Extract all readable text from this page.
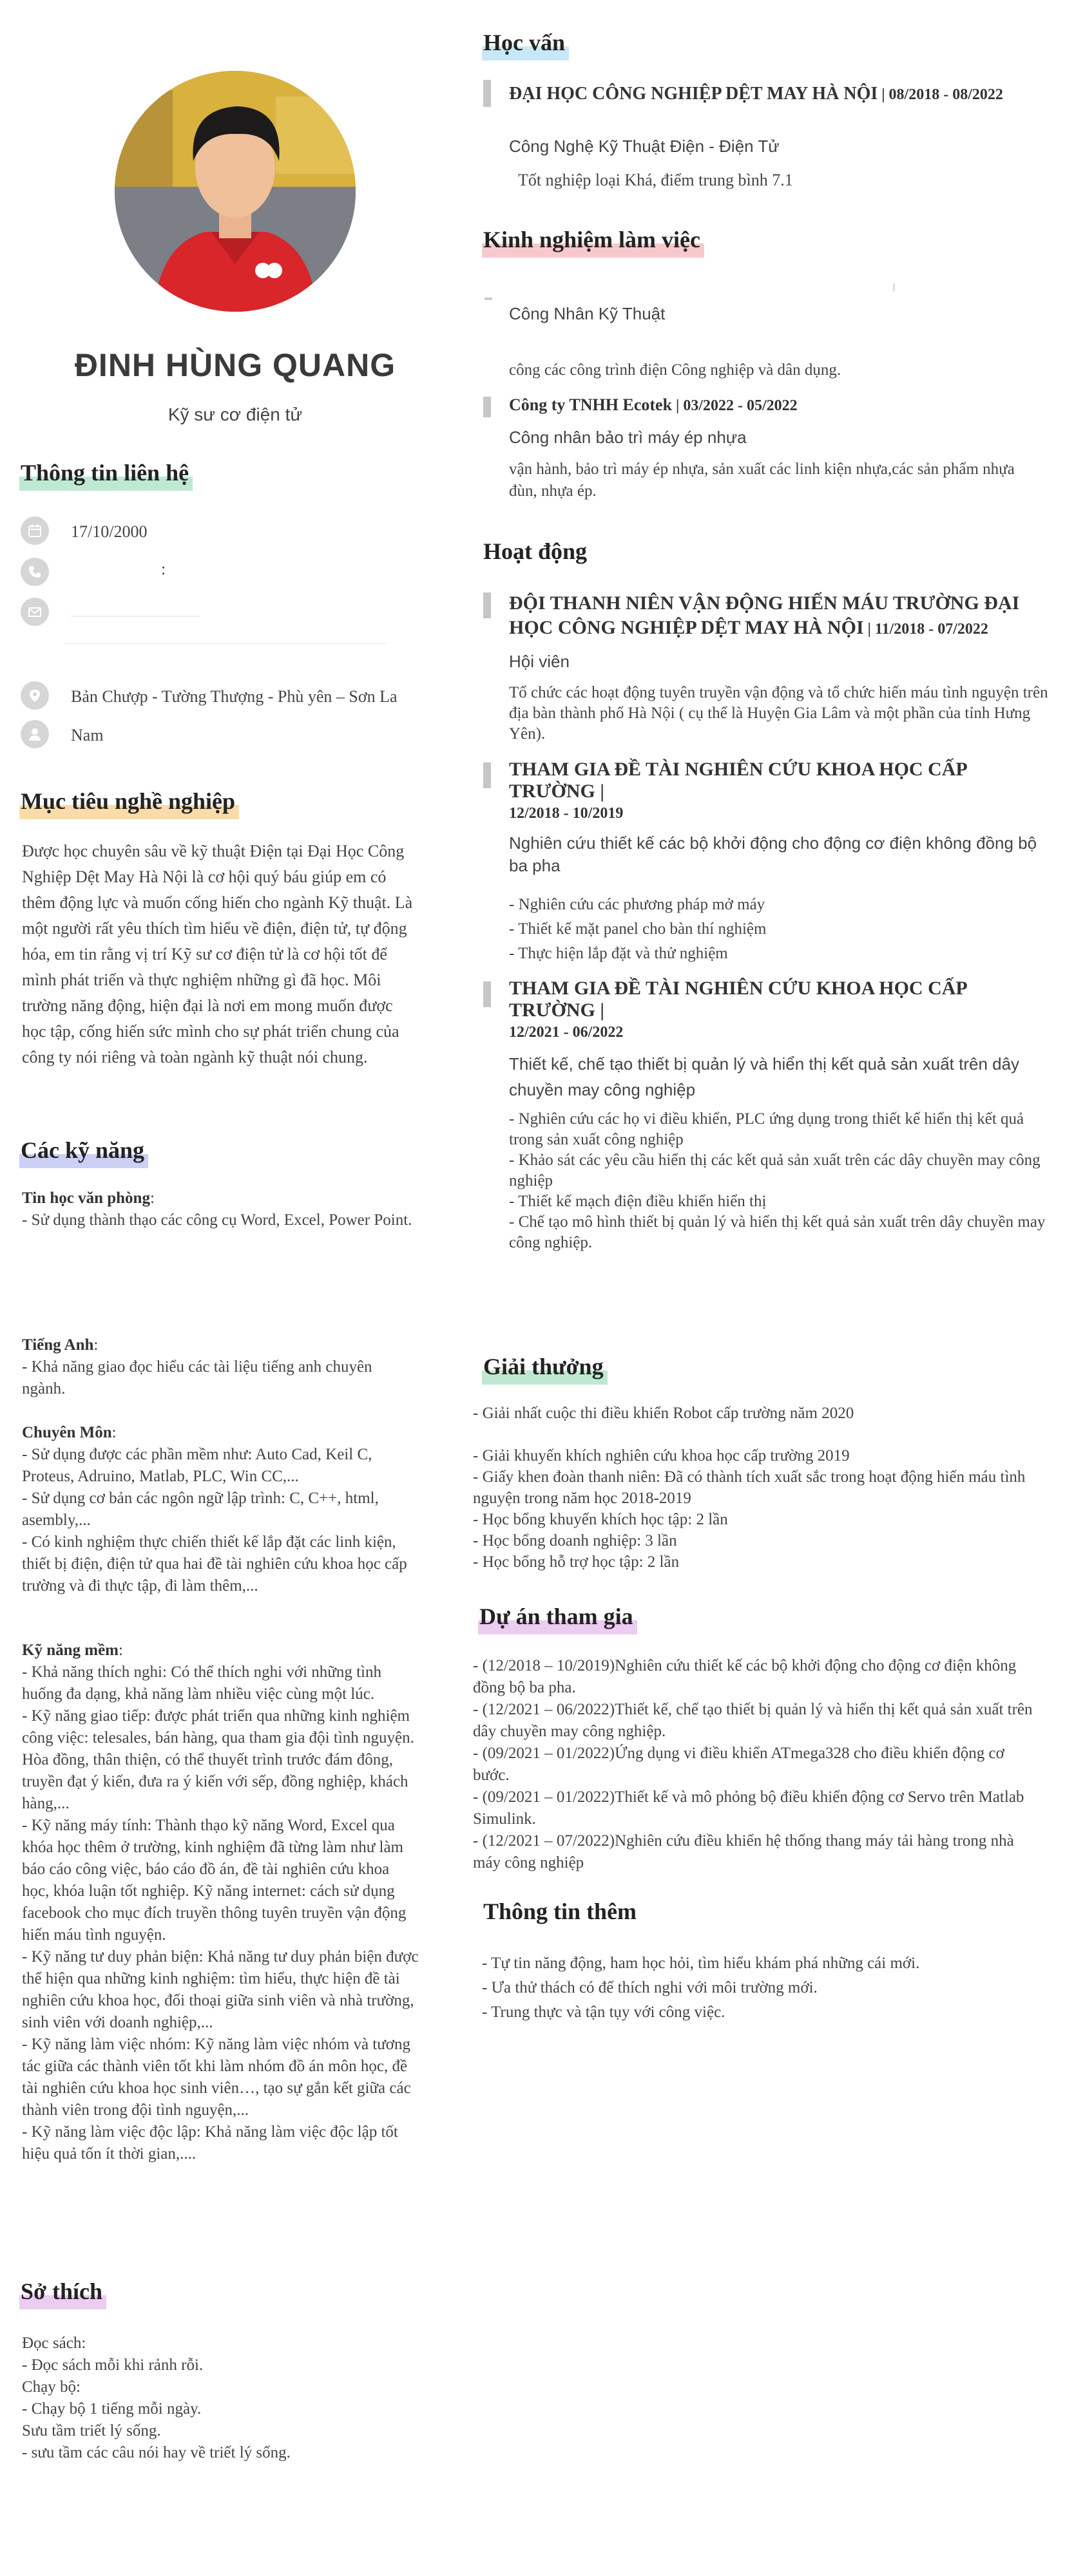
ĐINH HÙNG QUANG
Kỹ sư cơ điện tử
Thông tin liên hệ
17/10/2000
:
Bản Chượp - Tường Thượng - Phù yên – Sơn La
Nam
Mục tiêu nghề nghiệp
Được học chuyên sâu về kỹ thuật Điện tại Đại Học Công Nghiệp Dệt May Hà Nội là cơ hội quý báu giúp em có thêm động lực và muốn cống hiến cho ngành Kỹ thuật. Là một người rất yêu thích tìm hiểu về điện, điện tử, tự động hóa, em tin rằng vị trí Kỹ sư cơ điện tử là cơ hội tốt để mình phát triển và thực nghiệm những gì đã học. Môi trường năng động, hiện đại là nơi em mong muốn được học tập, cống hiến sức mình cho sự phát triển chung của công ty nói riêng và toàn ngành kỹ thuật nói chung.
Các kỹ năng
Tin học văn phòng:
- Sử dụng thành thạo các công cụ Word, Excel, Power Point.
Tiếng Anh:
- Khả năng giao đọc hiểu các tài liệu tiếng anh chuyên ngành.
Chuyên Môn:
- Sử dụng được các phần mềm như: Auto Cad, Keil C, Proteus, Adruino, Matlab, PLC, Win CC,...
- Sử dụng cơ bản các ngôn ngữ lập trình: C, C++, html, asembly,...
- Có kinh nghiệm thực chiến thiết kế lắp đặt các linh kiện, thiết bị điện, điện tử qua hai đề tài nghiên cứu khoa học cấp trường và đi thực tập, đi làm thêm,...
Kỹ năng mềm:
- Khả năng thích nghi: Có thể thích nghi với những tình huống đa dạng, khả năng làm nhiều việc cùng một lúc.
- Kỹ năng giao tiếp: được phát triển qua những kinh nghiệm công việc: telesales, bán hàng, qua tham gia đội tình nguyện. Hòa đồng, thân thiện, có thể thuyết trình trước đám đông, truyền đạt ý kiến, đưa ra ý kiến với sếp, đồng nghiệp, khách hàng,...
- Kỹ năng máy tính: Thành thạo kỹ năng Word, Excel qua khóa học thêm ở trường, kinh nghiệm đã từng làm như làm báo cáo công việc, báo cáo đồ án, đề tài nghiên cứu khoa học, khóa luận tốt nghiệp. Kỹ năng internet: cách sử dụng facebook cho mục đích truyền thông tuyên truyền vận động hiến máu tình nguyện.
- Kỹ năng tư duy phản biện: Khả năng tư duy phản biện được thể hiện qua những kinh nghiệm: tìm hiểu, thực hiện đề tài nghiên cứu khoa học, đối thoại giữa sinh viên và nhà trường, sinh viên với doanh nghiệp,...
- Kỹ năng làm việc nhóm: Kỹ năng làm việc nhóm và tương tác giữa các thành viên tốt khi làm nhóm đồ án môn học, đề tài nghiên cứu khoa học sinh viên…, tạo sự gắn kết giữa các thành viên trong đội tình nguyện,...
- Kỹ năng làm việc độc lập: Khả năng làm việc độc lập tốt hiệu quả tốn ít thời gian,....
Sở thích
Đọc sách:
- Đọc sách mỗi khi rảnh rỗi.
Chạy bộ:
- Chạy bộ 1 tiếng mỗi ngày.
Sưu tầm triết lý sống.
- sưu tầm các câu nói hay về triết lý sống.
Học vấn
ĐẠI HỌC CÔNG NGHIỆP DỆT MAY HÀ NỘI | 08/2018 - 08/2022
Công Nghệ Kỹ Thuật Điện - Điện Tử
Tốt nghiệp loại Khá, điểm trung bình 7.1
Kinh nghiệm làm việc
Công Nhân Kỹ Thuật
công các công trình điện Công nghiệp và dân dụng.
Công ty TNHH Ecotek | 03/2022 - 05/2022
Công nhân bảo trì máy ép nhựa
vận hành, bảo trì máy ép nhựa, sản xuất các linh kiện nhựa,các sản phẩm nhựa đùn, nhựa ép.
Hoạt động
ĐỘI THANH NIÊN VẬN ĐỘNG HIẾN MÁU TRƯỜNG ĐẠI HỌC CÔNG NGHIỆP DỆT MAY HÀ NỘI | 11/2018 - 07/2022
Hội viên
Tổ chức các hoạt động tuyên truyền vận động và tổ chức hiến máu tình nguyện trên địa bàn thành phố Hà Nội ( cụ thể là Huyện Gia Lâm và một phần của tỉnh Hưng Yên).
THAM GIA ĐỀ TÀI NGHIÊN CỨU KHOA HỌC CẤP TRƯỜNG |
12/2018 - 10/2019
Nghiên cứu thiết kế các bộ khởi động cho động cơ điện không đồng bộ ba pha
- Nghiên cứu các phương pháp mở máy
- Thiết kế mặt panel cho bàn thí nghiệm
- Thực hiện lắp đặt và thử nghiệm
THAM GIA ĐỀ TÀI NGHIÊN CỨU KHOA HỌC CẤP TRƯỜNG |
12/2021 - 06/2022
Thiết kế, chế tạo thiết bị quản lý và hiển thị kết quả sản xuất trên dây chuyền may công nghiệp
- Nghiên cứu các họ vi điều khiển, PLC ứng dụng trong thiết kế hiển thị kết quả trong sản xuất công nghiệp
- Khảo sát các yêu cầu hiển thị các kết quả sản xuất trên các dây chuyền may công nghiệp
- Thiết kế mạch điện điều khiển hiển thị
- Chế tạo mô hình thiết bị quản lý và hiển thị kết quả sản xuất trên dây chuyền may công nghiệp.
Giải thưởng
- Giải nhất cuộc thi điều khiển Robot cấp trường năm 2020

- Giải khuyến khích nghiên cứu khoa học cấp trường 2019
- Giấy khen đoàn thanh niên: Đã có thành tích xuất sắc trong hoạt động hiến máu tình nguyện trong năm học 2018-2019
- Học bổng khuyến khích học tập: 2 lần
- Học bổng doanh nghiệp: 3 lần
- Học bổng hỗ trợ học tập: 2 lần
Dự án tham gia
- (12/2018 – 10/2019)Nghiên cứu thiết kế các bộ khởi động cho động cơ điện không đồng bộ ba pha.
- (12/2021 – 06/2022)Thiết kế, chế tạo thiết bị quản lý và hiển thị kết quả sản xuất trên dây chuyền may công nghiệp.
- (09/2021 – 01/2022)Ứng dụng vi điều khiển ATmega328 cho điều khiển động cơ bước.
- (09/2021 – 01/2022)Thiết kế và mô phỏng bộ điều khiển động cơ Servo trên Matlab Simulink.
- (12/2021 – 07/2022)Nghiên cứu điều khiển hệ thống thang máy tải hàng trong nhà máy công nghiệp
Thông tin thêm
- Tự tin năng động, ham học hỏi, tìm hiểu khám phá những cái mới.
- Ưa thử thách có để thích nghi với môi trường mới.
- Trung thực và tận tụy với công việc.
